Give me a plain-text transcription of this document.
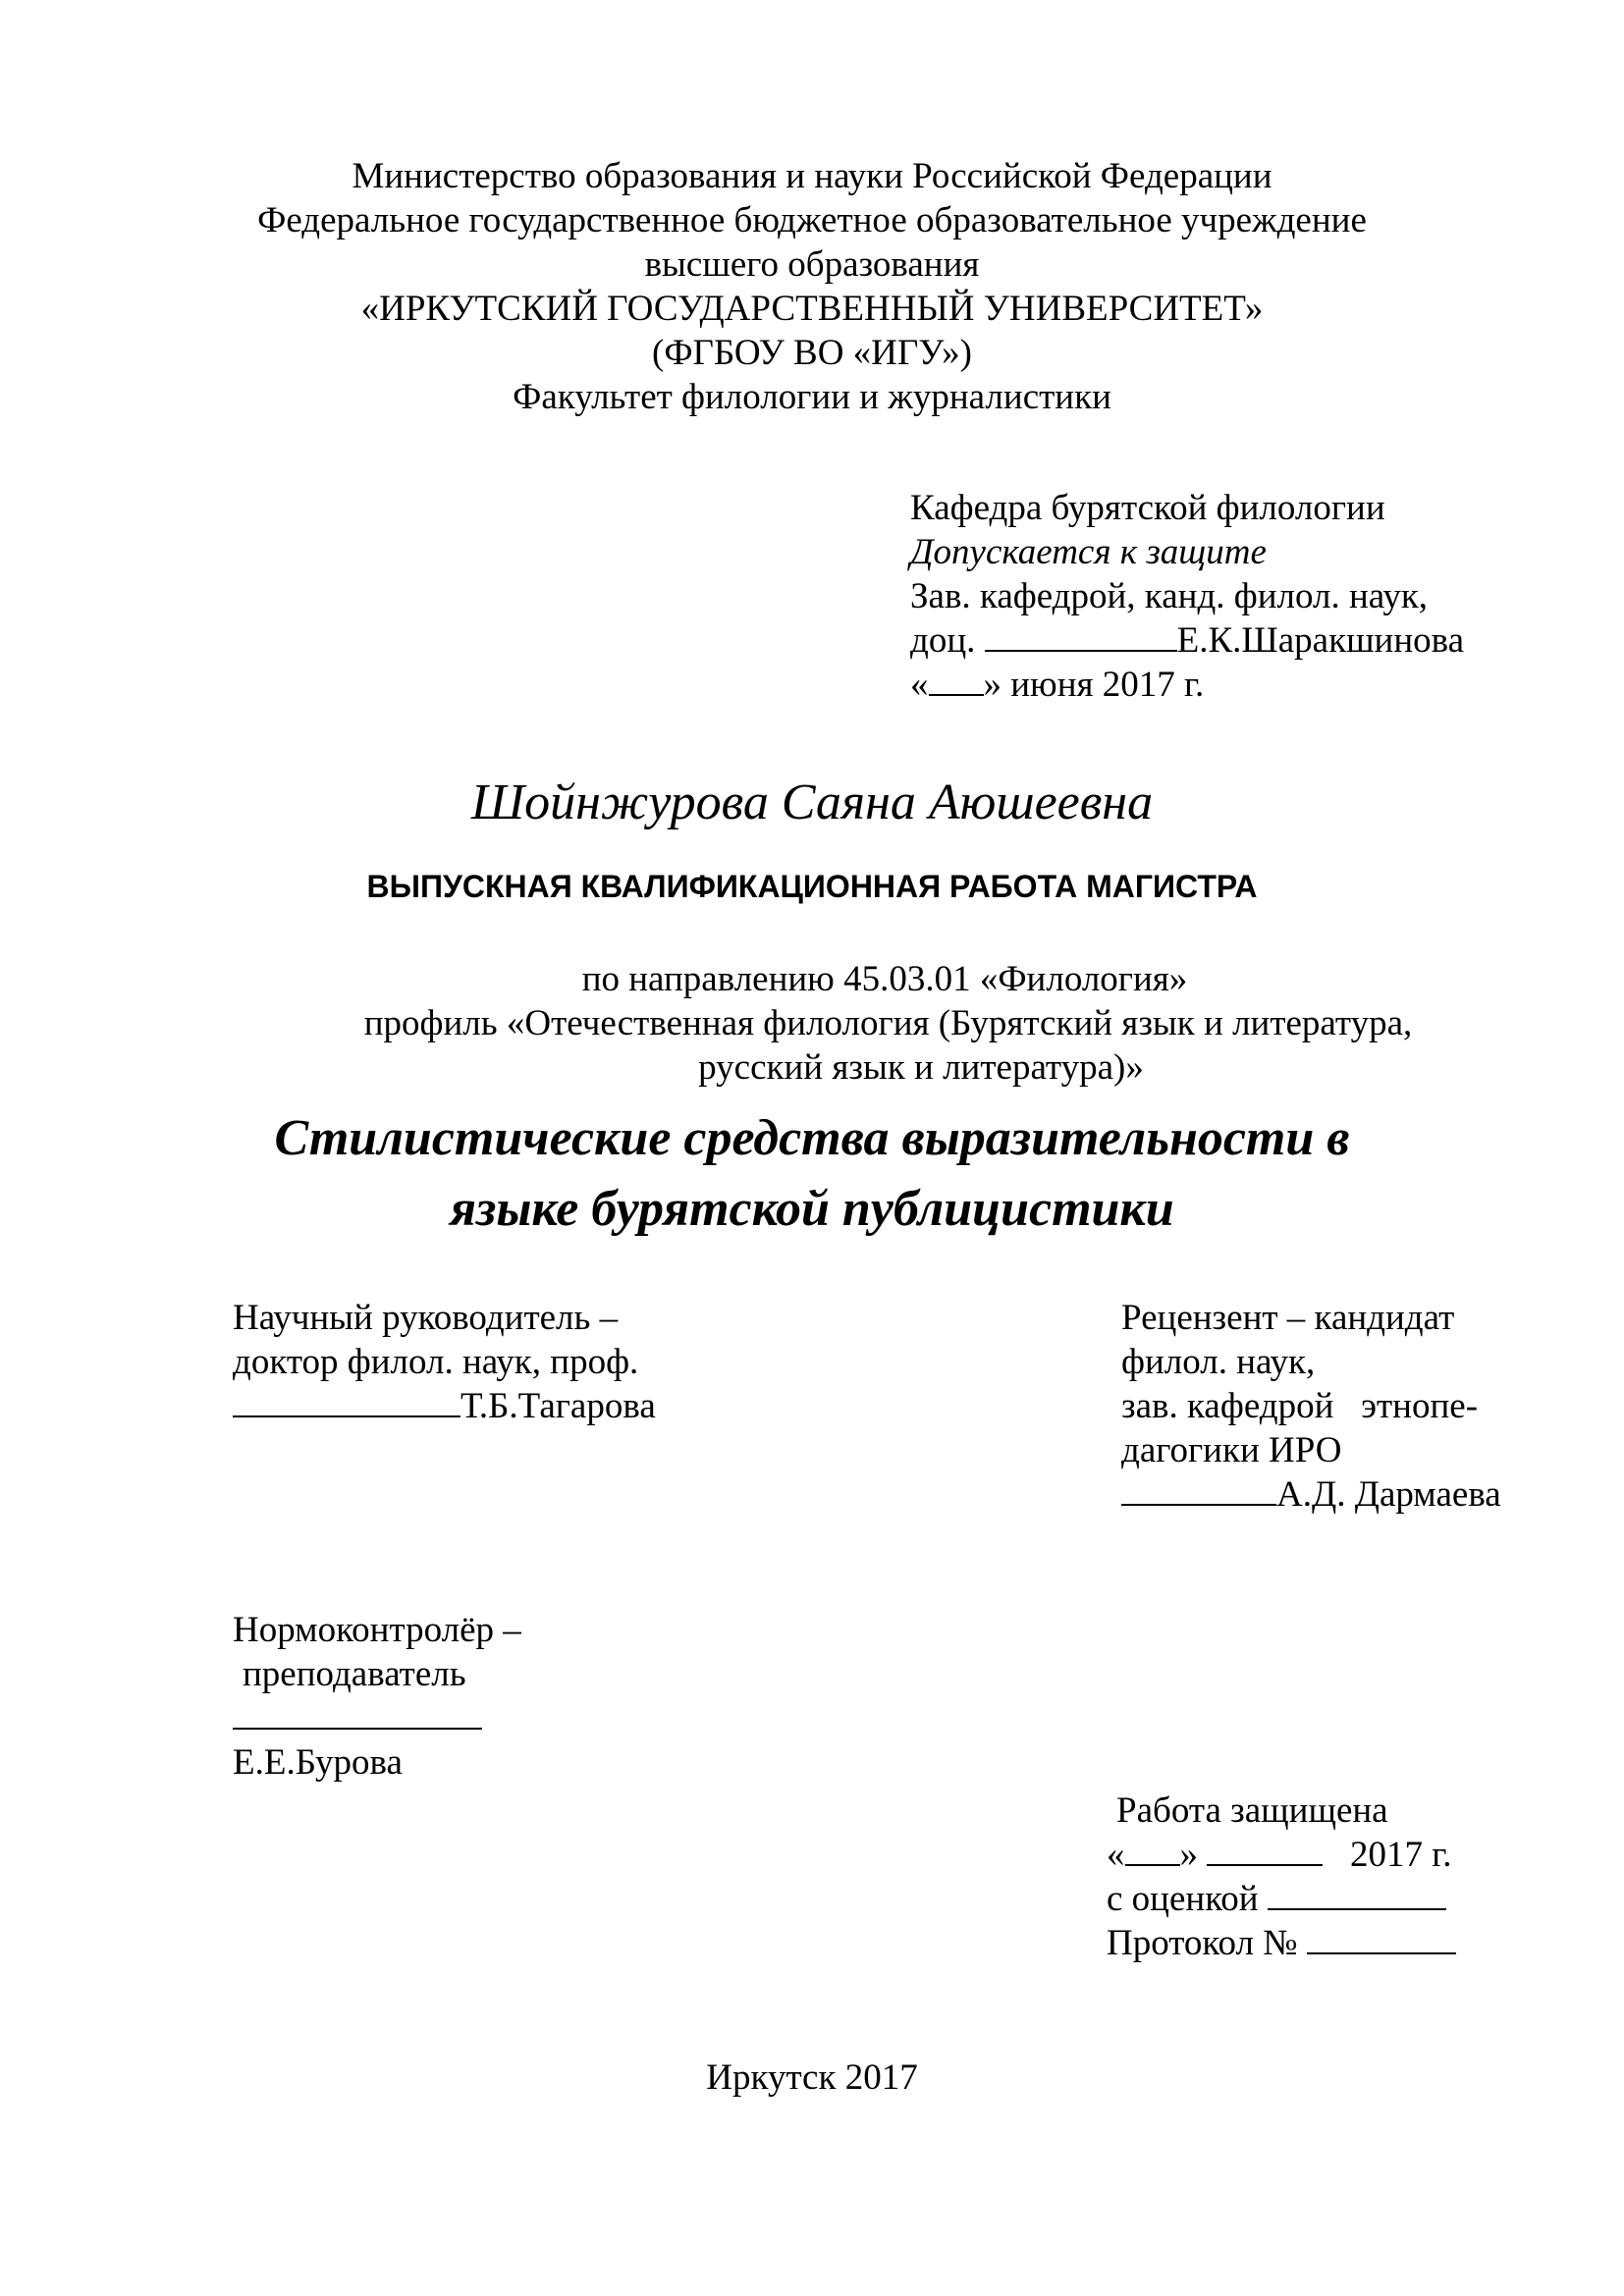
Министерство образования и науки Российской Федерации
Федеральное государственное бюджетное образовательное учреждение
высшего образования
«ИРКУТСКИЙ ГОСУДАРСТВЕННЫЙ УНИВЕРСИТЕТ»
(ФГБОУ ВО «ИГУ»)
Факультет филологии и журналистики
Кафедра бурятской филологии
Допускается к защите
Зав. кафедрой, канд. филол. наук,
доц.	Е.К.Шаракшинова
« » июня 2017 г.
Шойнжурова Саяна Аюшеевна
ВЫПУСКНАЯ КВАЛИФИКАЦИОННАЯ РАБОТА МАГИСТРА
по направлению 45.03.01 «Филология»
профиль «Отечественная филология (Бурятский язык и литература,
русский язык и литература)»
Стилистические средства выразительности в
языке бурятской публицистики
Научный руководитель –
доктор филол. наук, проф.
Т.Б.Тагарова
Рецензент – кандидат
филол. наук,
зав. кафедрой   этнопе-
дагогики ИРО
А.Д. Дармаева
Нормоконтролёр –
преподаватель
Е.Е.Бурова
Работа защищена
« »	2017 г.
с оценкой
Протокол №
Иркутск 2017
